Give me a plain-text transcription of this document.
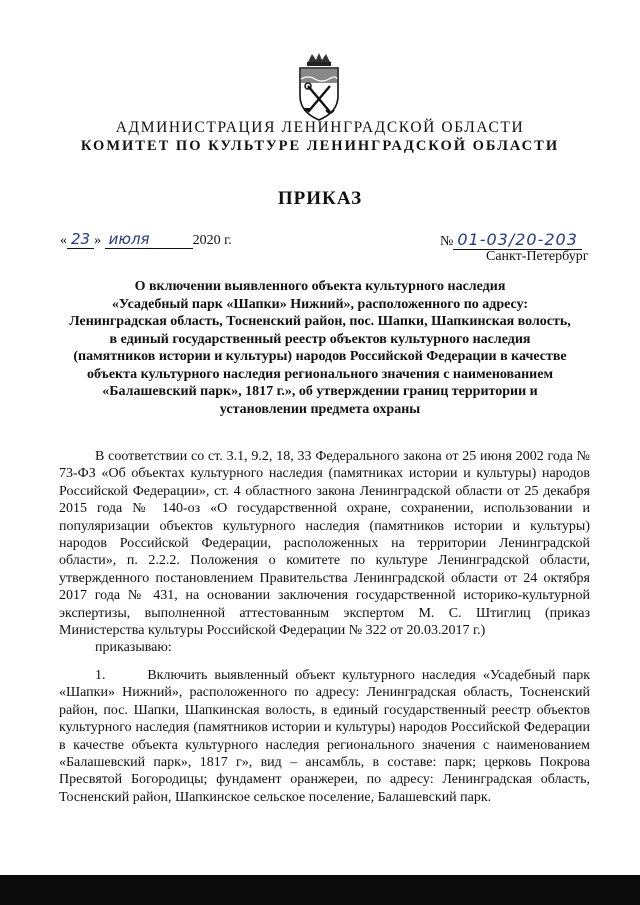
АДМИНИСТРАЦИЯ ЛЕНИНГРАДСКОЙ ОБЛАСТИ
КОМИТЕТ ПО КУЛЬТУРЕ ЛЕНИНГРАДСКОЙ ОБЛАСТИ
ПРИКАЗ
« 23 » июля	2020 г.	№ 01-03/20-203
Санкт-Петербург
О включении выявленного объекта культурного наследия
«Усадебный парк «Шапки» Нижний», расположенного по адресу:
Ленинградская область, Тосненский район, пос. Шапки, Шапкинская волость,
в единый государственный реестр объектов культурного наследия
(памятников истории и культуры) народов Российской Федерации в качестве
объекта культурного наследия регионального значения с наименованием
«Балашевский парк», 1817 г.», об утверждении границ территории и
установлении предмета охраны

В соответствии со ст. 3.1, 9.2, 18, 33 Федерального закона от 25 июня 2002 года № 73-ФЗ «Об объектах культурного наследия (памятниках истории и культуры) народов Российской Федерации», ст. 4 областного закона Ленинградской области от 25 декабря 2015 года № 140-оз «О государственной охране, сохранении, использовании и популяризации объектов культурного наследия (памятников истории и культуры) народов Российской Федерации, расположенных на территории Ленинградской области», п. 2.2.2. Положения о комитете по культуре Ленинградской области, утвержденного постановлением Правительства Ленинградской области от 24 октября 2017 года № 431, на основании заключения государственной историко-культурной экспертизы, выполненной аттестованным экспертом М. С. Штиглиц (приказ Министерства культуры Российской Федерации № 322 от 20.03.2017 г.)

приказываю:

1.      Включить выявленный объект культурного наследия «Усадебный парк «Шапки» Нижний», расположенного по адресу: Ленинградская область, Тосненский район, пос. Шапки, Шапкинская волость, в единый государственный реестр объектов культурного наследия (памятников истории и культуры) народов Российской Федерации в качестве объекта культурного наследия регионального значения с наименованием «Балашевский парк», 1817 г», вид – ансамбль, в составе: парк; церковь Покрова Пресвятой Богородицы; фундамент оранжереи, по адресу: Ленинградская область, Тосненский район, Шапкинское сельское поселение, Балашевский парк.
